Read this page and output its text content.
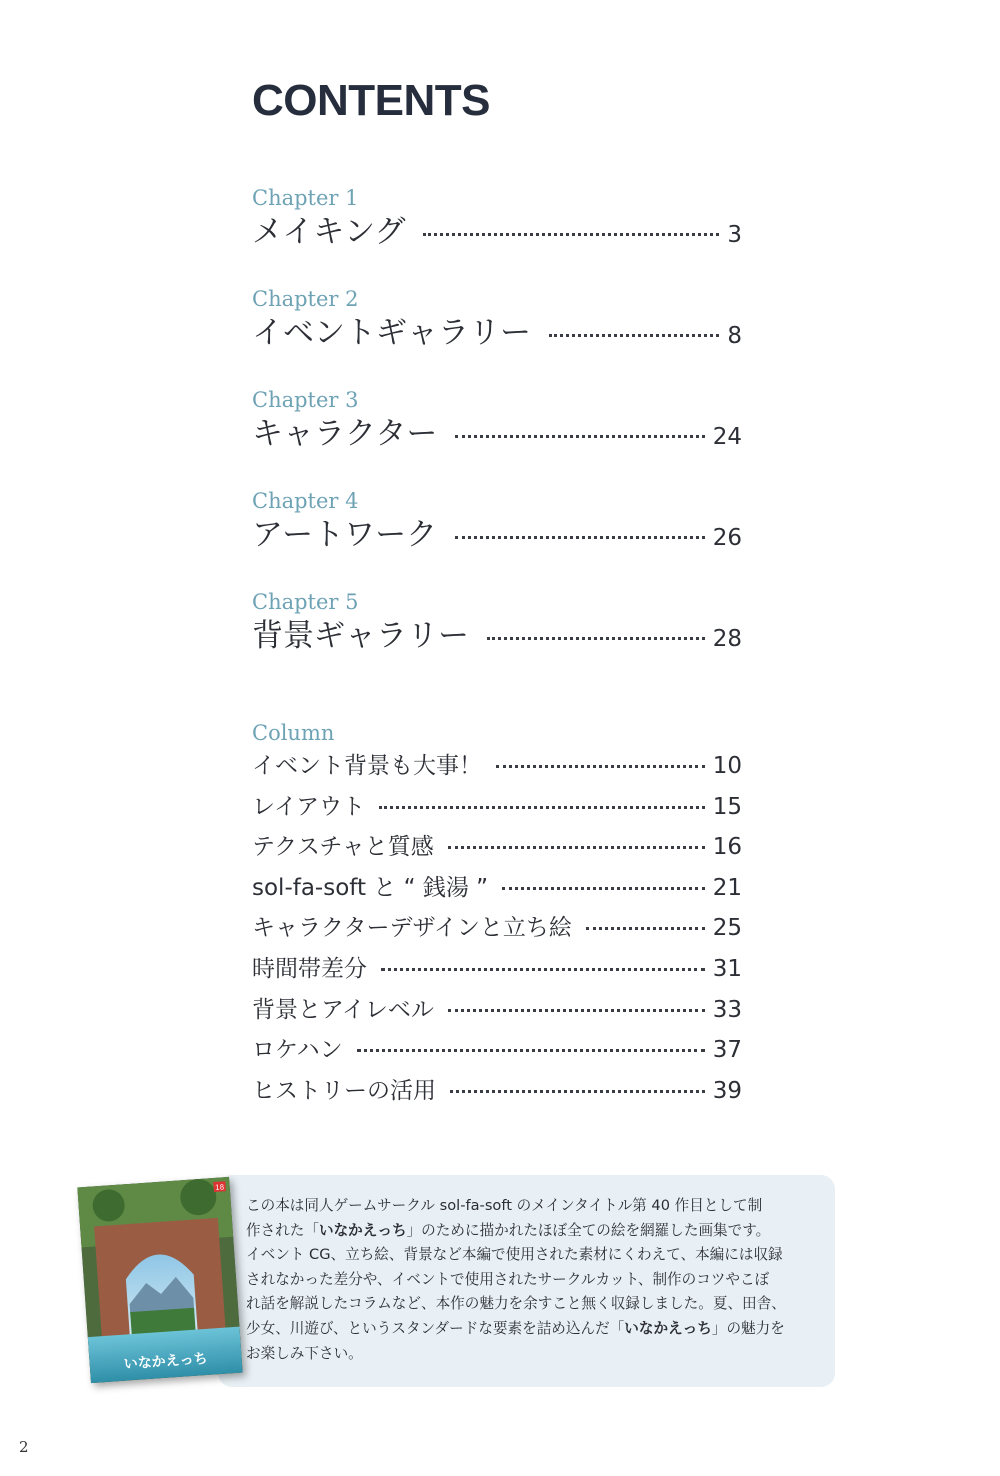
CONTENTS
Chapter 1
メイキング	3
Chapter 2
イベントギャラリー	8
Chapter 3
キャラクター	24
Chapter 4
アートワーク	26
Chapter 5
背景ギャラリー	28
Column
イベント背景も大事！	10
レイアウト	15
テクスチャと質感	16
sol-fa-soft と “ 銭湯 ”	21
キャラクターデザインと立ち絵	25
時間帯差分	31
背景とアイレベル	33
ロケハン	37
ヒストリーの活用	39
この本は同人ゲームサークル sol-fa-soft のメインタイトル第 40 作目として制
作された「いなかえっち」のために描かれたほぼ全ての絵を網羅した画集です。
イベント CG、立ち絵、背景など本編で使用された素材にくわえて、本編には収録
されなかった差分や、イベントで使用されたサークルカット、制作のコツやこぼ
れ話を解説したコラムなど、本作の魅力を余すこと無く収録しました。夏、田舎、
少女、川遊び、というスタンダードな要素を詰め込んだ「いなかえっち」の魅力を
お楽しみ下さい。
18
いなかえっち
2
